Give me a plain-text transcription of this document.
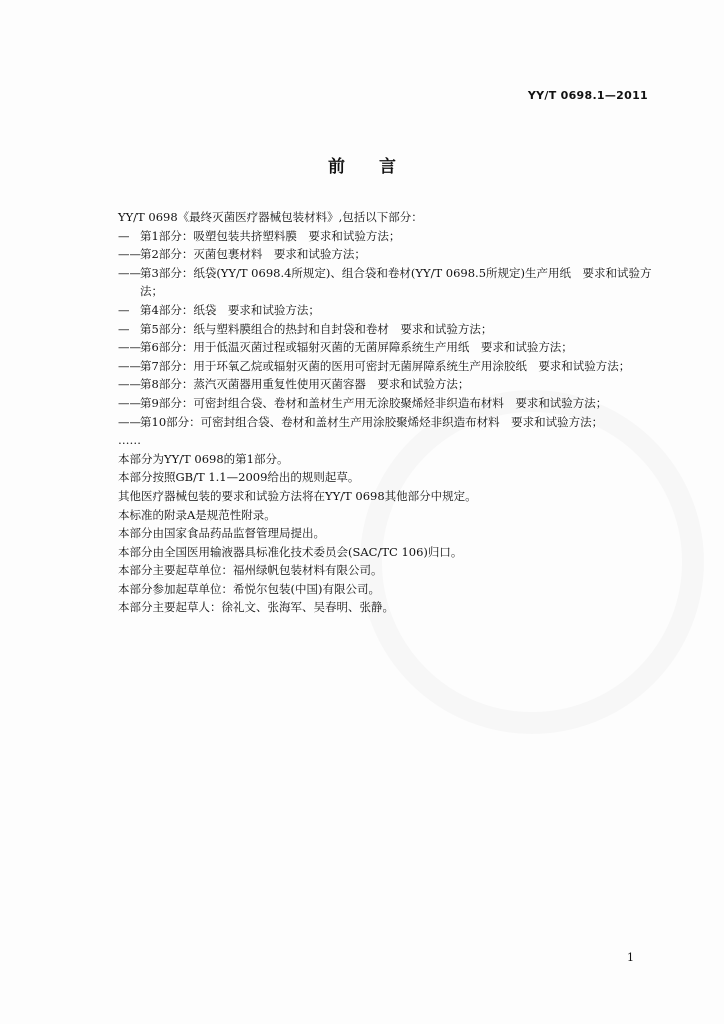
YY/T 0698.1—2011
前言
YY/T 0698《最终灭菌医疗器械包装材料》,包括以下部分：
— 第1部分：吸塑包装共挤塑料膜　要求和试验方法；
—— 第2部分：灭菌包裹材料　要求和试验方法；
—— 第3部分：纸袋(YY/T 0698.4所规定)、组合袋和卷材(YY/T 0698.5所规定)生产用纸　要求和试验方法；
— 第4部分：纸袋　要求和试验方法；
— 第5部分：纸与塑料膜组合的热封和自封袋和卷材　要求和试验方法；
—— 第6部分：用于低温灭菌过程或辐射灭菌的无菌屏障系统生产用纸　要求和试验方法；
—— 第7部分：用于环氧乙烷或辐射灭菌的医用可密封无菌屏障系统生产用涂胶纸　要求和试验方法；
—— 第8部分：蒸汽灭菌器用重复性使用灭菌容器　要求和试验方法；
—— 第9部分：可密封组合袋、卷材和盖材生产用无涂胶聚烯烃非织造布材料　要求和试验方法；
—— 第10部分：可密封组合袋、卷材和盖材生产用涂胶聚烯烃非织造布材料　要求和试验方法；
……
本部分为YY/T 0698的第1部分。
本部分按照GB/T 1.1—2009给出的规则起草。
其他医疗器械包装的要求和试验方法将在YY/T 0698其他部分中规定。
本标准的附录A是规范性附录。
本部分由国家食品药品监督管理局提出。
本部分由全国医用输液器具标准化技术委员会(SAC/TC 106)归口。
本部分主要起草单位：福州绿帆包装材料有限公司。
本部分参加起草单位：希悦尔包装(中国)有限公司。
本部分主要起草人：徐礼文、张海军、吴春明、张静。
1
